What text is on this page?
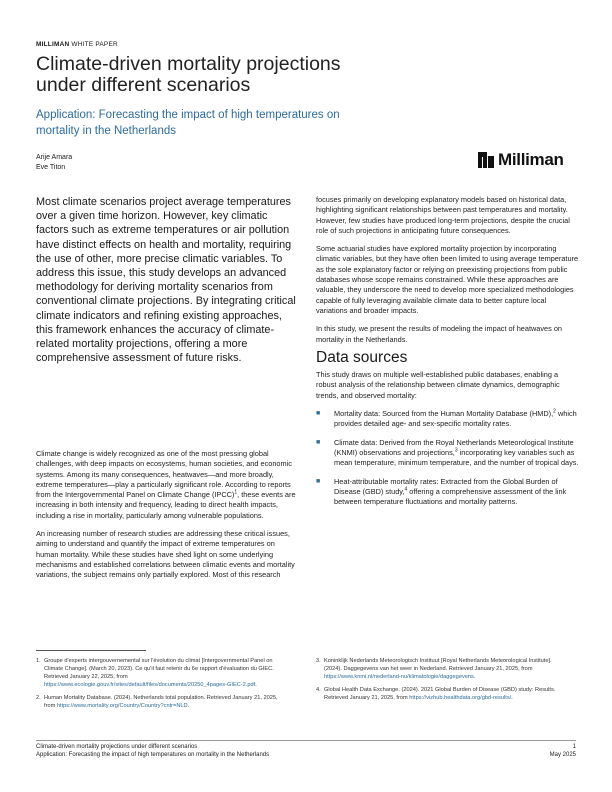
MILLIMAN WHITE PAPER
Climate-driven mortality projections under different scenarios
Application: Forecasting the impact of high temperatures on mortality in the Netherlands
Arije Amara
Eve Titon	Milliman
Most climate scenarios project average temperatures over a given time horizon. However, key climatic factors such as extreme temperatures or air pollution have distinct effects on health and mortality, requiring the use of other, more precise climatic variables. To address this issue, this study develops an advanced methodology for deriving mortality scenarios from conventional climate projections. By integrating critical climate indicators and refining existing approaches, this framework enhances the accuracy of climate-related mortality projections, offering a more comprehensive assessment of future risks.

Climate change is widely recognized as one of the most pressing global challenges, with deep impacts on ecosystems, human societies, and economic systems. Among its many consequences, heatwaves—and more broadly, extreme temperatures—play a particularly significant role. According to reports from the Intergovernmental Panel on Climate Change (IPCC)$^1$, these events are increasing in both intensity and frequency, leading to direct health impacts, including a rise in mortality, particularly among vulnerable populations.

An increasing number of research studies are addressing these critical issues, aiming to understand and quantify the impact of extreme temperatures on human mortality. While these studies have shed light on some underlying mechanisms and established correlations between climatic events and mortality variations, the subject remains only partially explored. Most of this research

focuses primarily on developing explanatory models based on historical data, highlighting significant relationships between past temperatures and mortality. However, few studies have produced long-term projections, despite the crucial role of such projections in anticipating future consequences.

Some actuarial studies have explored mortality projection by incorporating climatic variables, but they have often been limited to using average temperature as the sole explanatory factor or relying on preexisting projections from public databases whose scope remains constrained. While these approaches are valuable, they underscore the need to develop more specialized methodologies capable of fully leveraging available climate data to better capture local variations and broader impacts.

In this study, we present the results of modeling the impact of heatwaves on mortality in the Netherlands.

Data sources

This study draws on multiple well-established public databases, enabling a robust analysis of the relationship between climate dynamics, demographic trends, and observed mortality:

■ Mortality data: Sourced from the Human Mortality Database (HMD),$^2$ which provides detailed age- and sex-specific mortality rates.
■ Climate data: Derived from the Royal Netherlands Meteorological Institute (KNMI) observations and projections,$^3$ incorporating key variables such as mean temperature, minimum temperature, and the number of tropical days.
■ Heat-attributable mortality rates: Extracted from the Global Burden of Disease (GBD) study,$^4$ offering a comprehensive assessment of the link between temperature fluctuations and mortality patterns.
1. Groupe d'experts intergouvernemental sur l'évolution du climat [Intergovernmental Panel on Climate Change]. (March 20, 2023). Ce qu'il faut retenir du 6e rapport d'évaluation du GIEC. Retrieved January 22, 2025, from https://www.ecologie.gouv.fr/sites/default/files/documents/20250_4pages-GIEC-2.pdf.
2. Human Mortality Database. (2024). Netherlands total population. Retrieved January 21, 2025, from https://www.mortality.org/Country/Country?cntr=NLD.
3. Koninklijk Nederlands Meteorologisch Instituut [Royal Netherlands Meteorological Institute]. (2024). Daggegevens van het weer in Nederland. Retrieved January 21, 2025, from https://www.knmi.nl/nederland-nu/klimatologie/daggegevens.
4. Global Health Data Exchange. (2024). 2021 Global Burden of Disease (GBD) study: Results. Retrieved January 21, 2025, from https://vizhub.healthdata.org/gbd-results/.
Climate-driven mortality projections under different scenarios
Application: Forecasting the impact of high temperatures on mortality in the Netherlands
1
May 2025
